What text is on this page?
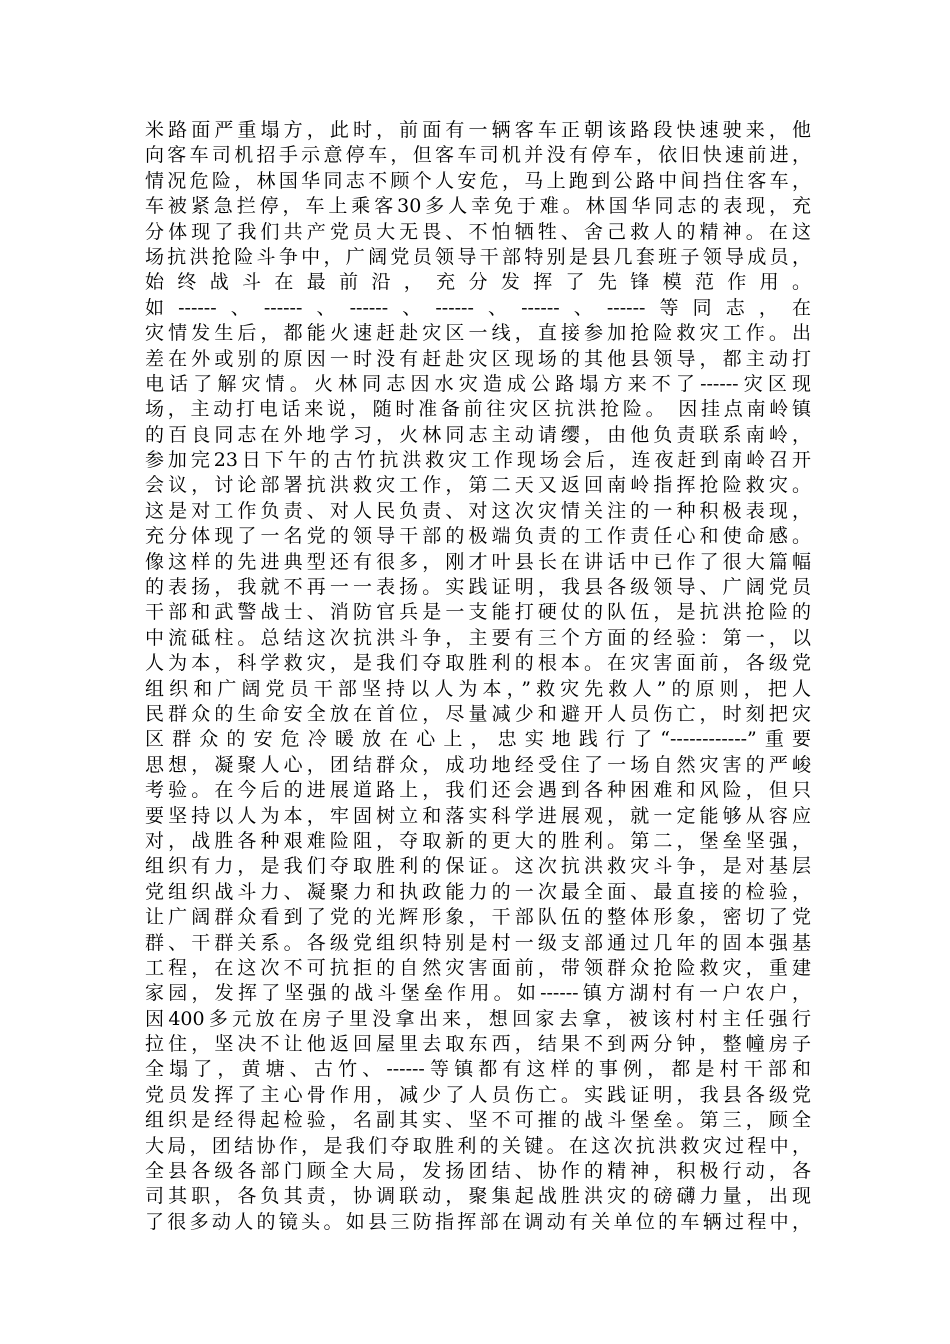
米路面严重塌方，此时，前面有一辆客车正朝该路段快速驶来，他
向客车司机招手示意停车，但客车司机并没有停车，依旧快速前进，
情况危险，林国华同志不顾个人安危，马上跑到公路中间挡住客车，
车被紧急拦停，车上乘客30多人幸免于难。林国华同志的表现，充
分体现了我们共产党员大无畏、不怕牺牲、舍己救人的精神。在这
场抗洪抢险斗争中，广阔党员领导干部特别是县几套班子领导成员，
始终战斗在最前沿，充分发挥了先锋模范作用。
如------、------、------、------、------、------等同志，在
灾情发生后，都能火速赶赴灾区一线，直接参加抢险救灾工作。出
差在外或别的原因一时没有赶赴灾区现场的其他县领导，都主动打
电话了解灾情。火林同志因水灾造成公路塌方来不了------灾区现
场，主动打电话来说，随时准备前往灾区抗洪抢险。 因挂点南岭镇
的百良同志在外地学习，火林同志主动请缨，由他负责联系南岭，
参加完23日下午的古竹抗洪救灾工作现场会后，连夜赶到南岭召开
会议，讨论部署抗洪救灾工作，第二天又返回南岭指挥抢险救灾。
这是对工作负责、对人民负责、对这次灾情关注的一种积极表现，
充分体现了一名党的领导干部的极端负责的工作责任心和使命感。
像这样的先进典型还有很多，刚才叶县长在讲话中已作了很大篇幅
的表扬，我就不再一一表扬。实践证明，我县各级领导、广阔党员
干部和武警战士、消防官兵是一支能打硬仗的队伍，是抗洪抢险的
中流砥柱。总结这次抗洪斗争，主要有三个方面的经验：第一，以
人为本，科学救灾，是我们夺取胜利的根本。在灾害面前，各级党
组织和广阔党员干部坚持以人为本，”救灾先救人”的原则，把人
民群众的生命安全放在首位，尽量减少和避开人员伤亡，时刻把灾
区群众的安危冷暖放在心上，忠实地践行了“------------”重要
思想，凝聚人心，团结群众，成功地经受住了一场自然灾害的严峻
考验。在今后的进展道路上，我们还会遇到各种困难和风险，但只
要坚持以人为本，牢固树立和落实科学进展观，就一定能够从容应
对，战胜各种艰难险阻，夺取新的更大的胜利。第二，堡垒坚强，
组织有力，是我们夺取胜利的保证。这次抗洪救灾斗争，是对基层
党组织战斗力、凝聚力和执政能力的一次最全面、最直接的检验，
让广阔群众看到了党的光辉形象，干部队伍的整体形象，密切了党
群、干群关系。各级党组织特别是村一级支部通过几年的固本强基
工程，在这次不可抗拒的自然灾害面前，带领群众抢险救灾，重建
家园，发挥了坚强的战斗堡垒作用。如------镇方湖村有一户农户，
因400多元放在房子里没拿出来，想回家去拿，被该村村主任强行
拉住，坚决不让他返回屋里去取东西，结果不到两分钟，整幢房子
全塌了，黄塘、古竹、------等镇都有这样的事例，都是村干部和
党员发挥了主心骨作用，减少了人员伤亡。实践证明，我县各级党
组织是经得起检验，名副其实、坚不可摧的战斗堡垒。第三，顾全
大局，团结协作，是我们夺取胜利的关键。在这次抗洪救灾过程中，
全县各级各部门顾全大局，发扬团结、协作的精神，积极行动，各
司其职，各负其责，协调联动，聚集起战胜洪灾的磅礴力量，出现
了很多动人的镜头。如县三防指挥部在调动有关单位的车辆过程中，
